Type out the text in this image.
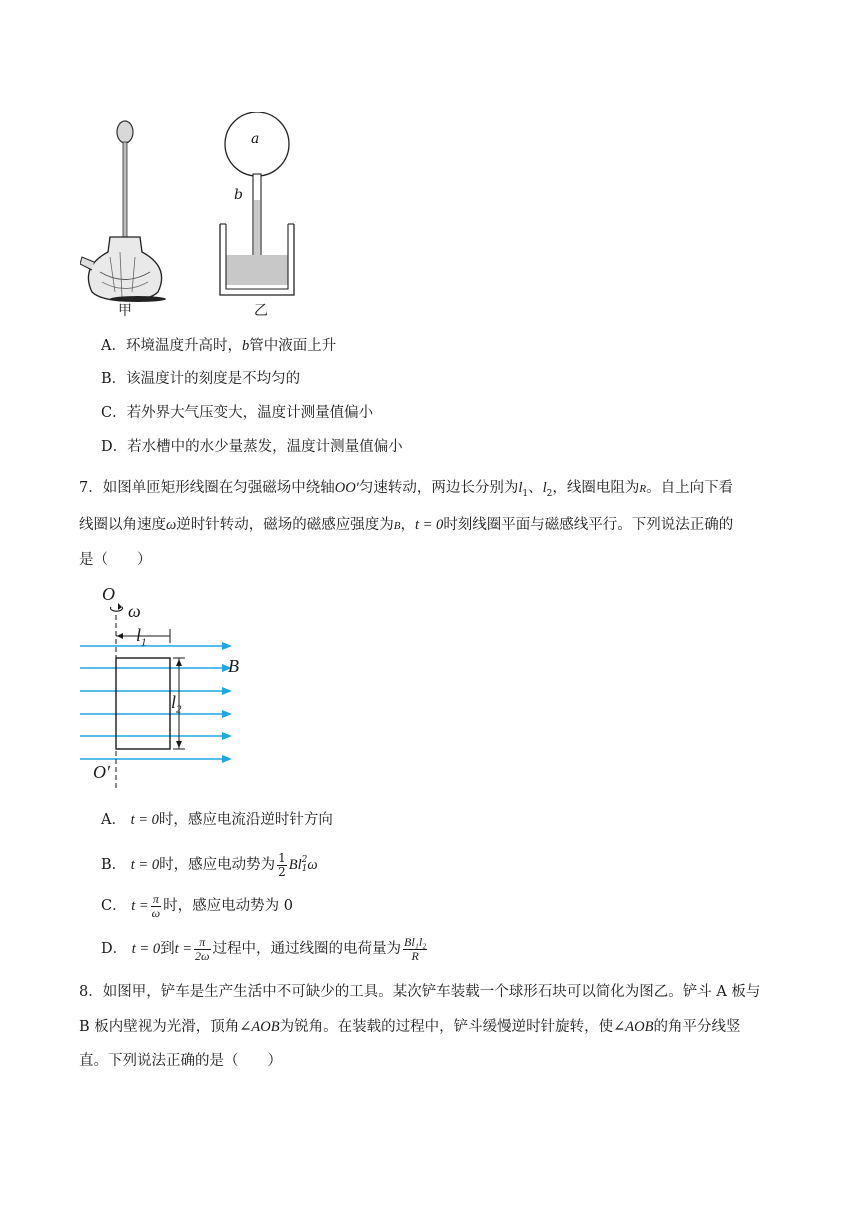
a
b
甲	乙
A．环境温度升高时，b管中液面上升
B．该温度计的刻度是不均匀的
C．若外界大气压变大，温度计测量值偏小
D．若水槽中的水少量蒸发，温度计测量值偏小
7．如图单匝矩形线圈在匀强磁场中绕轴OO′匀速转动，两边长分别为$l_1$、$l_2$，线圈电阻为R。自上向下看
线圈以角速度ω逆时针转动，磁场的磁感应强度为B，t = 0时刻线圈平面与磁感线平行。下列说法正确的
是（　　）
O
ω
$l_1$
B
$l_2$
O′
A． t = 0时，感应电流沿逆时针方向
B． t = 0时，感应电动势为 $\frac{1}{2}$ Bl 2
1 ω
C． $t = \frac{\pi}{\omega}$ 时，感应电动势为 0
D． t = 0到$t = \frac{\pi}{2\omega}$ 过程中，通过线圈的电荷量为 $\frac{\text{Bl₁l₂}}{R}$
8．如图甲，铲车是生产生活中不可缺少的工具。某次铲车装载一个球形石块可以简化为图乙。铲斗 A 板与
B 板内壁视为光滑，顶角∠AOB为锐角。在装载的过程中，铲斗缓慢逆时针旋转，使∠AOB的角平分线竖
直。下列说法正确的是（　　）
